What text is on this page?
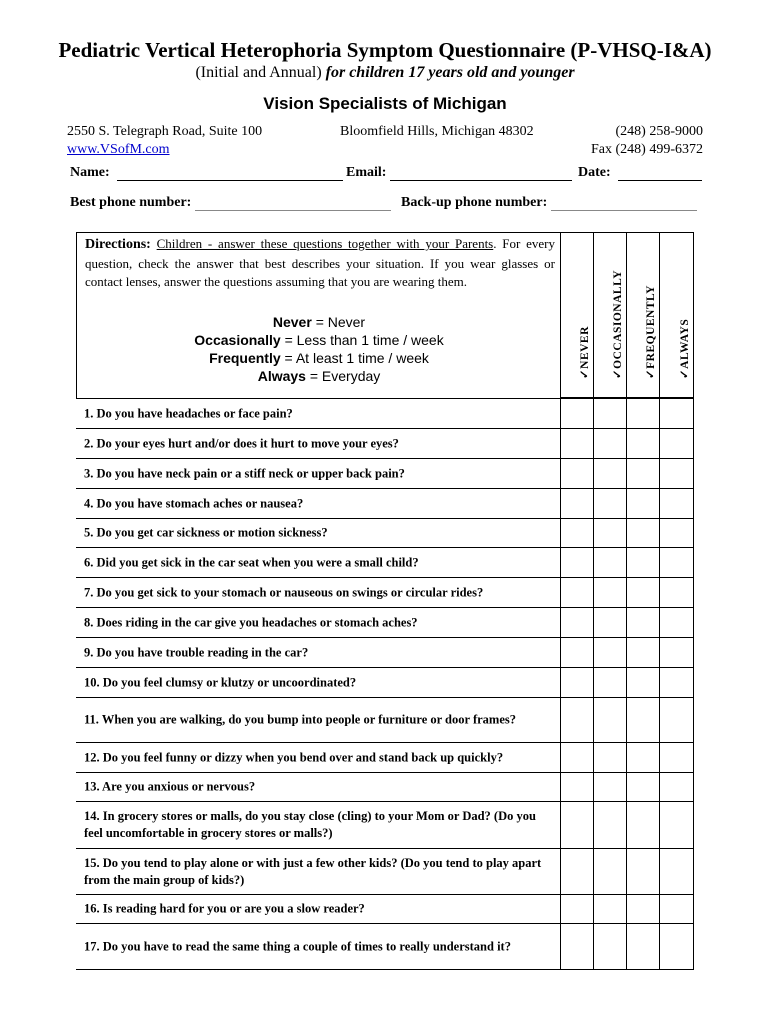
Pediatric Vertical Heterophoria Symptom Questionnaire (P-VHSQ-I&A)
(Initial and Annual) for children 17 years old and younger
Vision Specialists of Michigan
2550 S. Telegraph Road, Suite 100
www.VSofM.com
Bloomfield Hills, Michigan 48302	(248) 258-9000
Fax (248) 499-6372
Name:	Email:	Date:
Best phone number:	Back-up phone number:
Directions: Children - answer these questions together with your Parents. For every question, check the answer that best describes your situation. If you wear glasses or contact lenses, answer the questions assuming that you are wearing them.
Never = Never
Occasionally = Less than 1 time / week
Frequently = At least 1 time / week
Always = Everyday	✓NEVER ✓OCCASIONALLY ✓FREQUENTLY ✓ALWAYS
1. Do you have headaches or face pain?
2. Do your eyes hurt and/or does it hurt to move your eyes?
3. Do you have neck pain or a stiff neck or upper back pain?
4. Do you have stomach aches or nausea?
5. Do you get car sickness or motion sickness?
6. Did you get sick in the car seat when you were a small child?
7. Do you get sick to your stomach or nauseous on swings or circular rides?
8. Does riding in the car give you headaches or stomach aches?
9. Do you have trouble reading in the car?
10. Do you feel clumsy or klutzy or uncoordinated?
11. When you are walking, do you bump into people or furniture or door frames?
12. Do you feel funny or dizzy when you bend over and stand back up quickly?
13. Are you anxious or nervous?
14. In grocery stores or malls, do you stay close (cling) to your Mom or Dad? (Do you feel uncomfortable in grocery stores or malls?)
15. Do you tend to play alone or with just a few other kids? (Do you tend to play apart from the main group of kids?)
16. Is reading hard for you or are you a slow reader?
17. Do you have to read the same thing a couple of times to really understand it?
